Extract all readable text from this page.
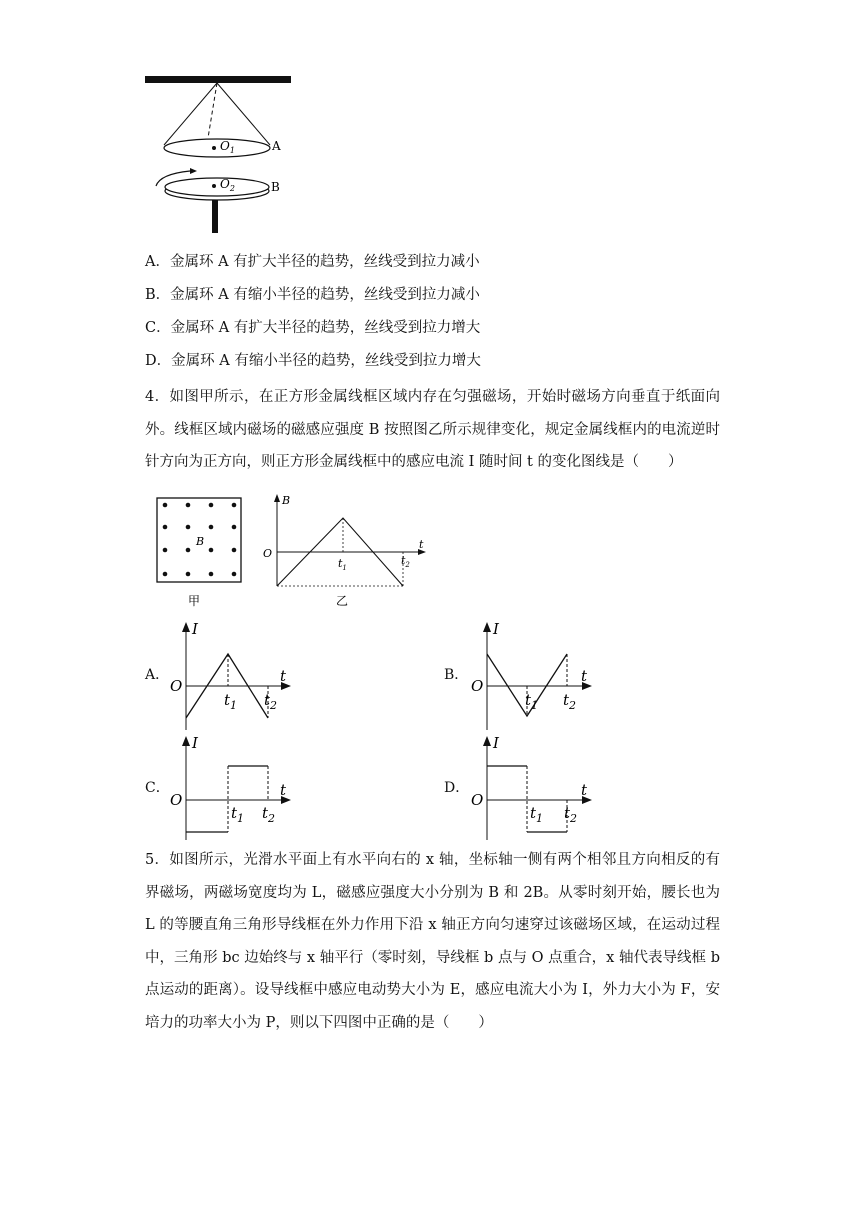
$O_1$	A
$O_2$	B
A．金属环 A 有扩大半径的趋势，丝线受到拉力减小
B．金属环 A 有缩小半径的趋势，丝线受到拉力减小
C．金属环 A 有扩大半径的趋势，丝线受到拉力增大
D．金属环 A 有缩小半径的趋势，丝线受到拉力增大
4．如图甲所示，在正方形金属线框区域内存在匀强磁场，开始时磁场方向垂直于纸面向外。线框区域内磁场的磁感应强度 B 按照图乙所示规律变化，规定金属线框内的电流逆时针方向为正方向，则正方形金属线框中的感应电流 I 随时间 t 的变化图线是（　　）
B
甲
B
O
t
$t_1$
$t_2$
乙
A．
I
O
t
$t_1$ $t_2$
B．
I
O
t
$t_1$ $t_2$
C．
I
O
t
$t_1$ $t_2$
D．
I
O
t
$t_1$ $t_2$
5．如图所示，光滑水平面上有水平向右的 x 轴，坐标轴一侧有两个相邻且方向相反的有界磁场，两磁场宽度均为 L，磁感应强度大小分别为 B 和 2B。从零时刻开始，腰长也为 L 的等腰直角三角形导线框在外力作用下沿 x 轴正方向匀速穿过该磁场区域，在运动过程中，三角形 bc 边始终与 x 轴平行（零时刻，导线框 b 点与 O 点重合，x 轴代表导线框 b 点运动的距离）。设导线框中感应电动势大小为 E，感应电流大小为 I，外力大小为 F，安培力的功率大小为 P，则以下四图中正确的是（　　）
